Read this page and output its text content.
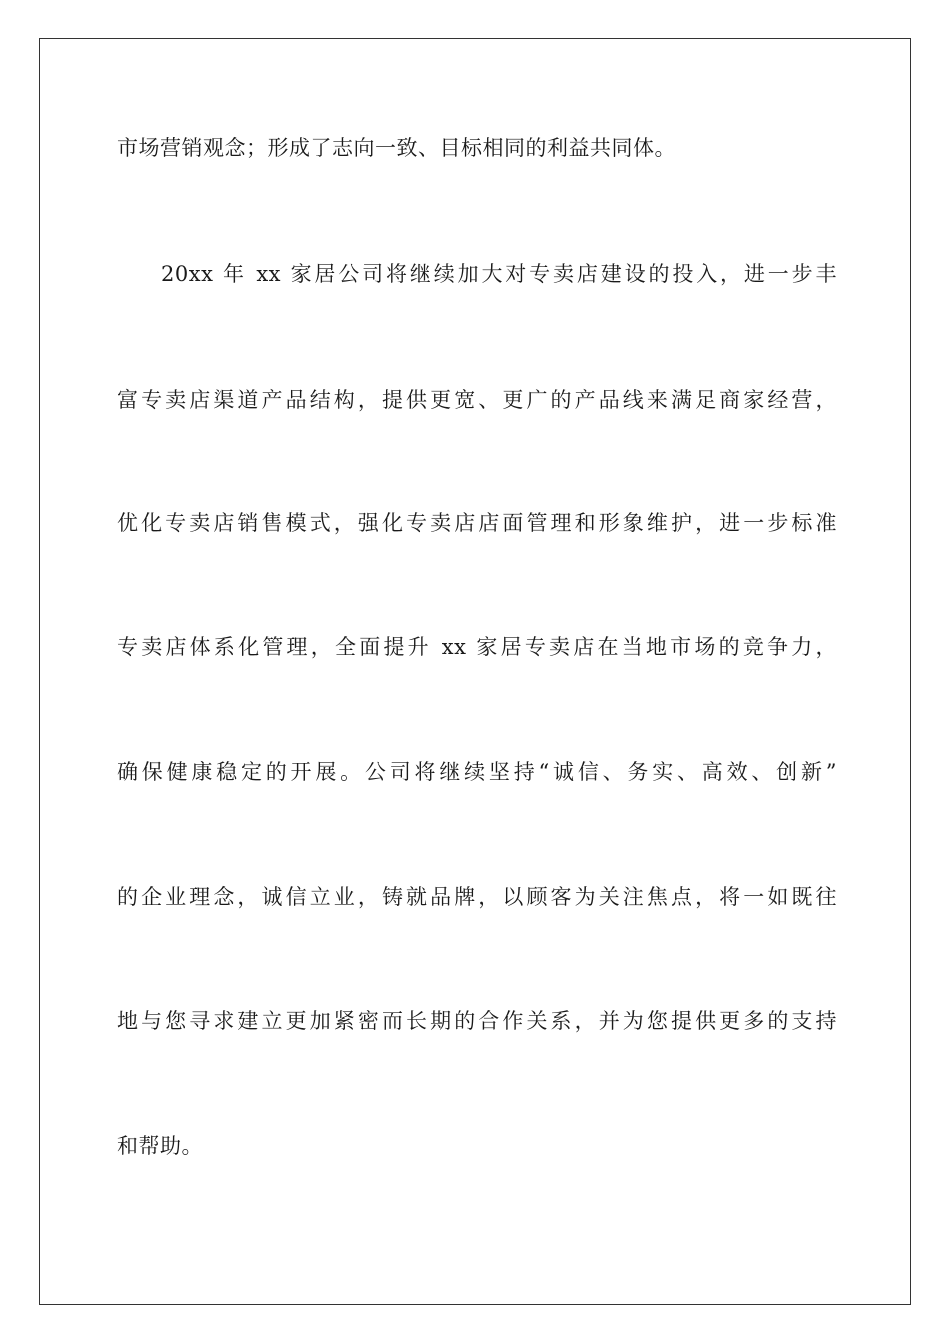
市场营销观念；形成了志向一致、目标相同的利益共同体。
20xx 年 xx 家居公司将继续加大对专卖店建设的投入，进一步丰
富专卖店渠道产品结构，提供更宽、更广的产品线来满足商家经营，
优化专卖店销售模式，强化专卖店店面管理和形象维护，进一步标准
专卖店体系化管理，全面提升 xx 家居专卖店在当地市场的竞争力，
确保健康稳定的开展。公司将继续坚持“诚信、务实、高效、创新”
的企业理念，诚信立业，铸就品牌，以顾客为关注焦点，将一如既往
地与您寻求建立更加紧密而长期的合作关系，并为您提供更多的支持
和帮助。
